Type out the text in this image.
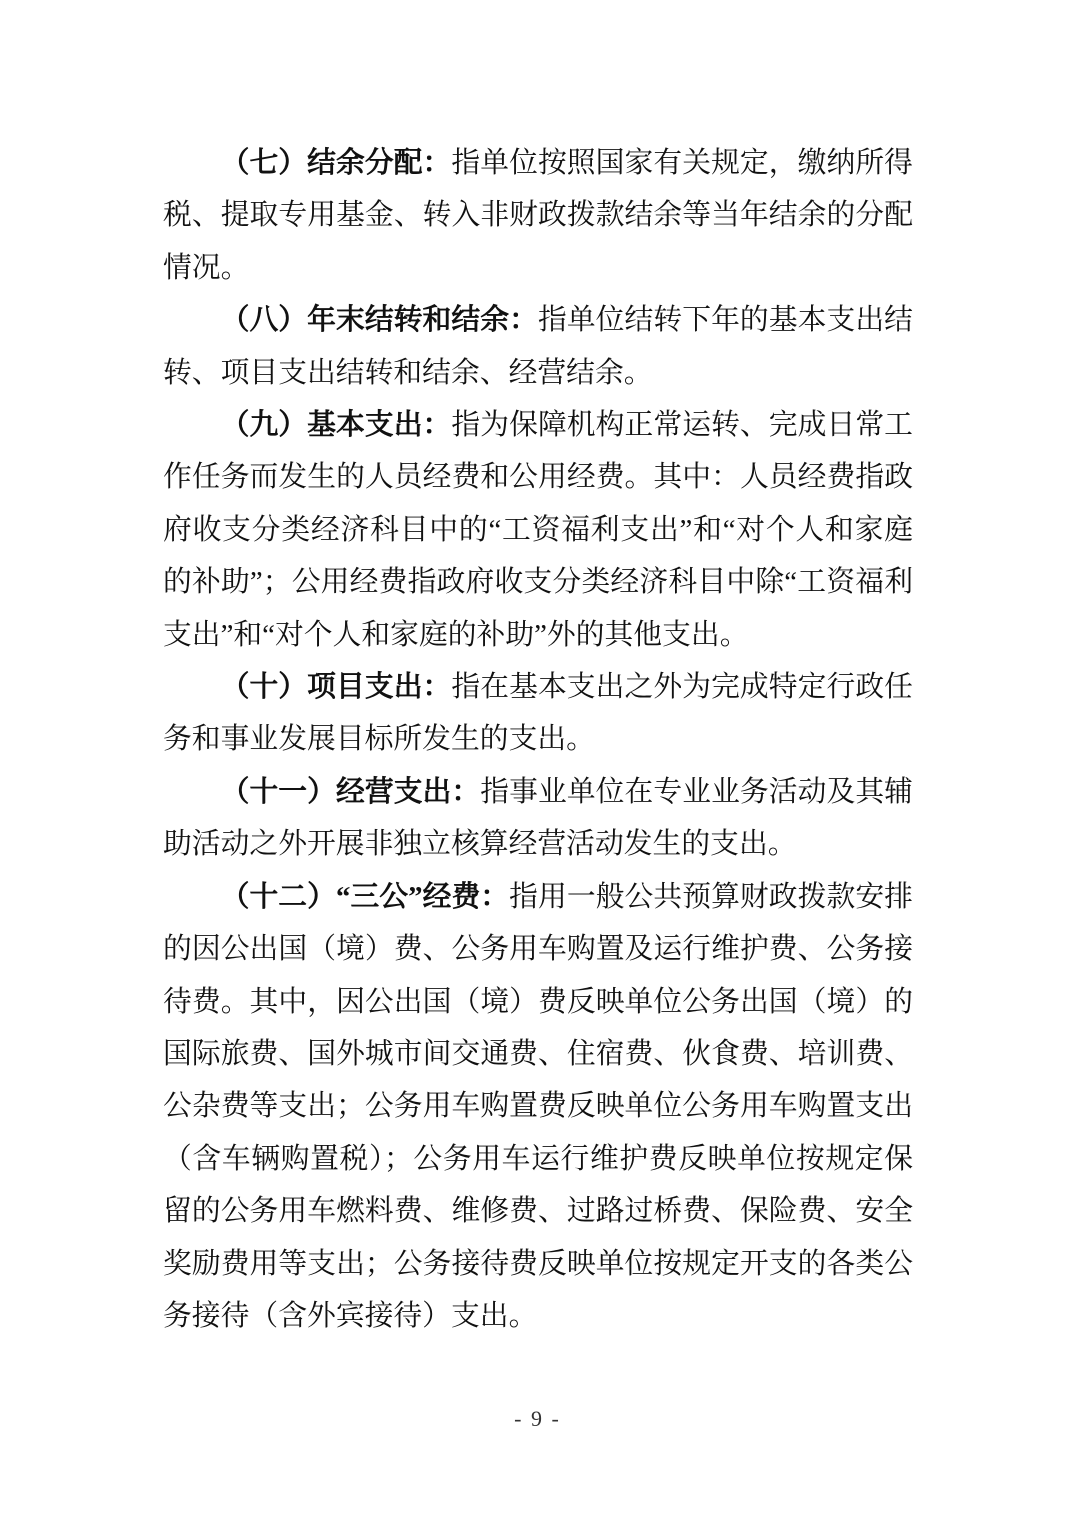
（七）结余分配：指单位按照国家有关规定，缴纳所得税、提取专用基金、转入非财政拨款结余等当年结余的分配情况。

（八）年末结转和结余：指单位结转下年的基本支出结转、项目支出结转和结余、经营结余。

（九）基本支出：指为保障机构正常运转、完成日常工作任务而发生的人员经费和公用经费。其中：人员经费指政府收支分类经济科目中的“工资福利支出”和“对个人和家庭的补助”；公用经费指政府收支分类经济科目中除“工资福利支出”和“对个人和家庭的补助”外的其他支出。

（十）项目支出：指在基本支出之外为完成特定行政任务和事业发展目标所发生的支出。

（十一）经营支出：指事业单位在专业业务活动及其辅助活动之外开展非独立核算经营活动发生的支出。

（十二）“三公”经费：指用一般公共预算财政拨款安排的因公出国（境）费、公务用车购置及运行维护费、公务接待费。其中，因公出国（境）费反映单位公务出国（境）的国际旅费、国外城市间交通费、住宿费、伙食费、培训费、公杂费等支出；公务用车购置费反映单位公务用车购置支出（含车辆购置税）；公务用车运行维护费反映单位按规定保留的公务用车燃料费、维修费、过路过桥费、保险费、安全奖励费用等支出；公务接待费反映单位按规定开支的各类公务接待（含外宾接待）支出。

- 9 -
